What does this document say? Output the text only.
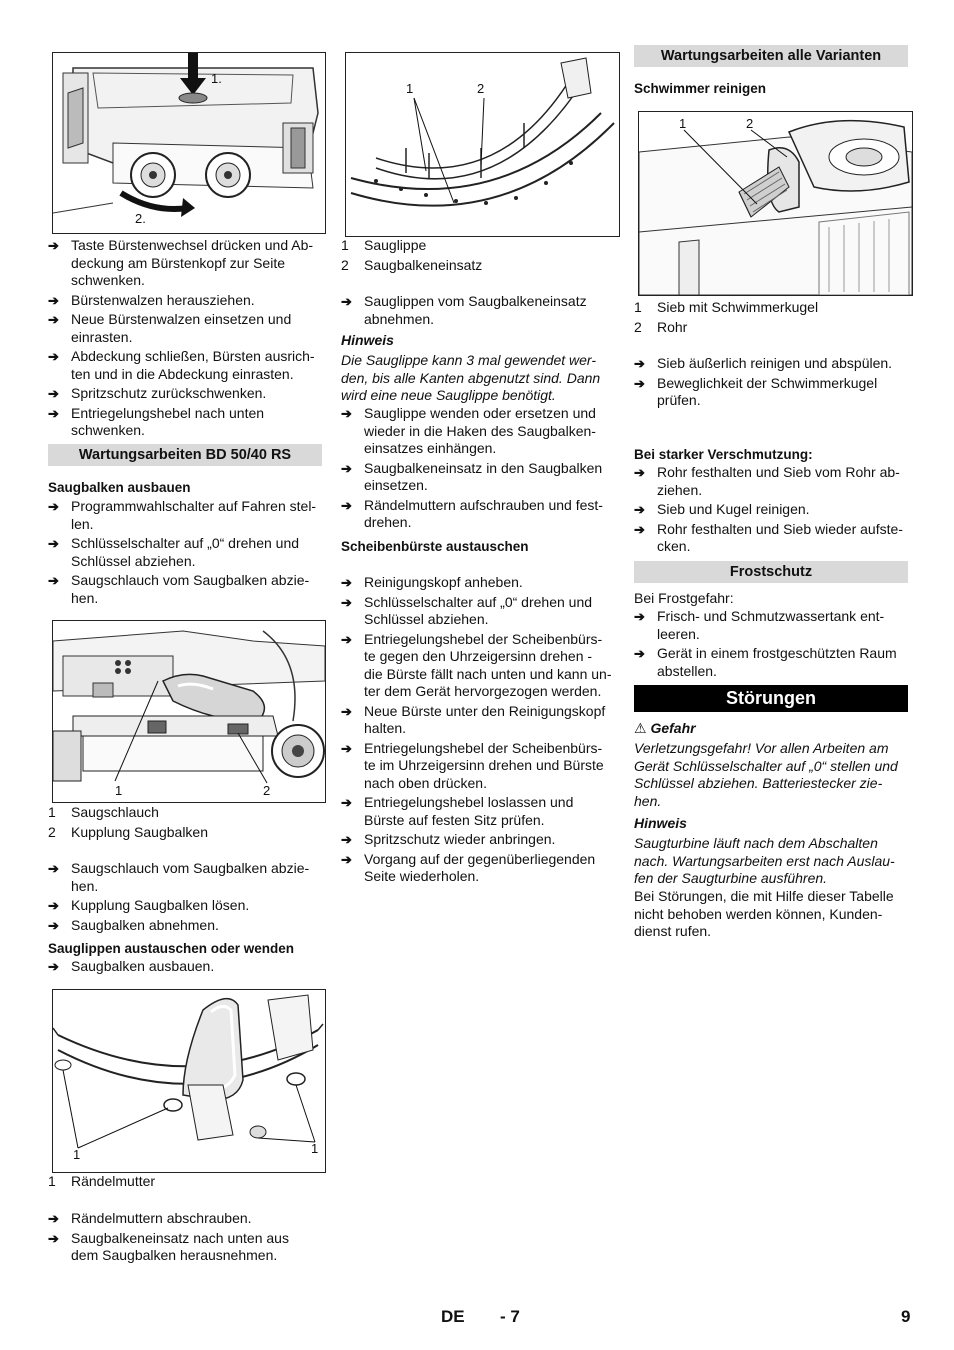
1.
2.
➔ Taste Bürstenwechsel drücken und Ab-
deckung am Bürstenkopf zur Seite
schwenken.
➔ Bürstenwalzen herausziehen.
➔ Neue Bürstenwalzen einsetzen und
einrasten.
➔ Abdeckung schließen, Bürsten ausrich-
ten und in die Abdeckung einrasten.
➔ Spritzschutz zurückschwenken.
➔ Entriegelungshebel nach unten
schwenken.
Wartungsarbeiten BD 50/40 RS
Saugbalken ausbauen
➔ Programmwahlschalter auf Fahren stel-
len.
➔ Schlüsselschalter auf „0“ drehen und
Schlüssel abziehen.
➔ Saugschlauch vom Saugbalken abzie-
hen.
1	2
1 Saugschlauch
2 Kupplung Saugbalken
➔ Saugschlauch vom Saugbalken abzie-
hen.
➔ Kupplung Saugbalken lösen.
➔ Saugbalken abnehmen.
Sauglippen austauschen oder wenden
➔ Saugbalken ausbauen.
1	1
1 Rändelmutter
➔ Rändelmuttern abschrauben.
➔ Saugbalkeneinsatz nach unten aus
dem Saugbalken herausnehmen.
1	2
1 Sauglippe
2 Saugbalkeneinsatz
➔ Sauglippen vom Saugbalkeneinsatz
abnehmen.
Hinweis
Die Sauglippe kann 3 mal gewendet wer-
den, bis alle Kanten abgenutzt sind. Dann
wird eine neue Sauglippe benötigt.
➔ Sauglippe wenden oder ersetzen und
wieder in die Haken des Saugbalken-
einsatzes einhängen.
➔ Saugbalkeneinsatz in den Saugbalken
einsetzen.
➔ Rändelmuttern aufschrauben und fest-
drehen.
Scheibenbürste austauschen
➔ Reinigungskopf anheben.
➔ Schlüsselschalter auf „0“ drehen und
Schlüssel abziehen.
➔ Entriegelungshebel der Scheibenbürs-
te gegen den Uhrzeigersinn drehen -
die Bürste fällt nach unten und kann un-
ter dem Gerät hervorgezogen werden.
➔ Neue Bürste unter den Reinigungskopf
halten.
➔ Entriegelungshebel der Scheibenbürs-
te im Uhrzeigersinn drehen und Bürste
nach oben drücken.
➔ Entriegelungshebel loslassen und
Bürste auf festen Sitz prüfen.
➔ Spritzschutz wieder anbringen.
➔ Vorgang auf der gegenüberliegenden
Seite wiederholen.
Wartungsarbeiten alle Varianten
Schwimmer reinigen
1	2
1 Sieb mit Schwimmerkugel
2 Rohr
➔ Sieb äußerlich reinigen und abspülen.
➔ Beweglichkeit der Schwimmerkugel
prüfen.
Bei starker Verschmutzung:
➔ Rohr festhalten und Sieb vom Rohr ab-
ziehen.
➔ Sieb und Kugel reinigen.
➔ Rohr festhalten und Sieb wieder aufste-
cken.
Frostschutz
Bei Frostgefahr:
➔ Frisch- und Schmutzwassertank ent-
leeren.
➔ Gerät in einem frostgeschützten Raum
abstellen.
Störungen
⚠ Gefahr
Verletzungsgefahr! Vor allen Arbeiten am
Gerät Schlüsselschalter auf „0“ stellen und
Schlüssel abziehen. Batteriestecker zie-
hen.
Hinweis
Saugturbine läuft nach dem Abschalten
nach. Wartungsarbeiten erst nach Auslau-
fen der Saugturbine ausführen.
Bei Störungen, die mit Hilfe dieser Tabelle
nicht behoben werden können, Kunden-
dienst rufen.
DE - 7	9
